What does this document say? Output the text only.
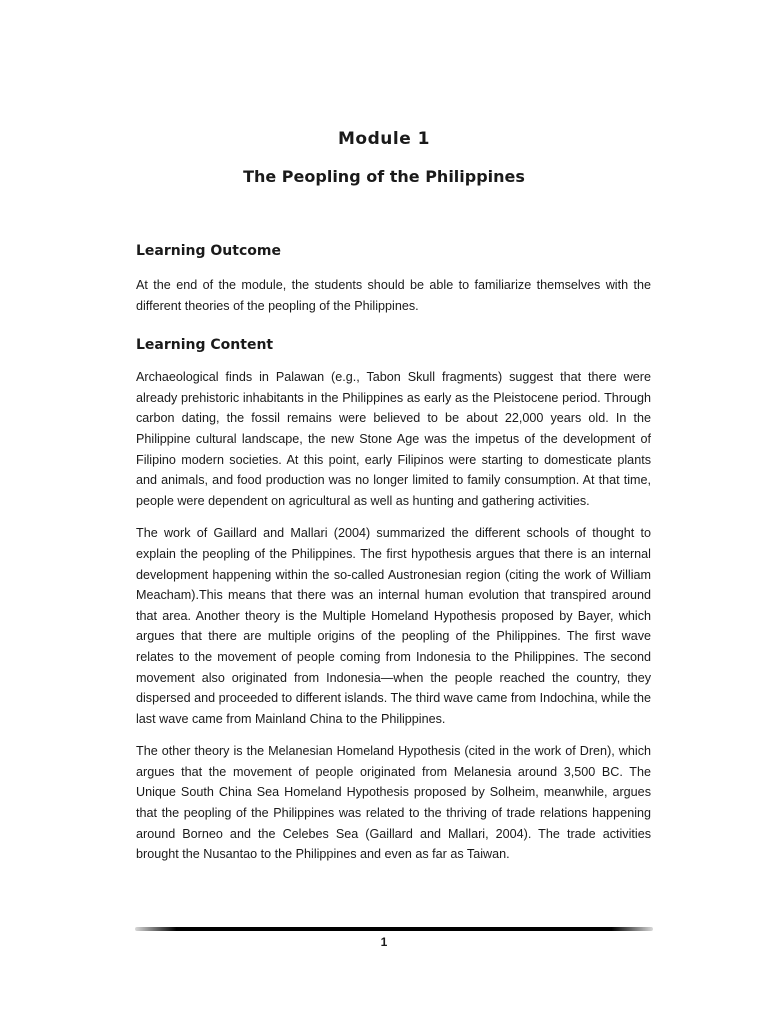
Module 1
The Peopling of the Philippines
Learning Outcome

At the end of the module, the students should be able to familiarize themselves with the different theories of the peopling of the Philippines.

Learning Content

Archaeological finds in Palawan (e.g., Tabon Skull fragments) suggest that there were already prehistoric inhabitants in the Philippines as early as the Pleistocene period. Through carbon dating, the fossil remains were believed to be about 22,000 years old. In the Philippine cultural landscape, the new Stone Age was the impetus of the development of Filipino modern societies. At this point, early Filipinos were starting to domesticate plants and animals, and food production was no longer limited to family consumption. At that time, people were dependent on agricultural as well as hunting and gathering activities.

The work of Gaillard and Mallari (2004) summarized the different schools of thought to explain the peopling of the Philippines. The first hypothesis argues that there is an internal development happening within the so-called Austronesian region (citing the work of William Meacham).This means that there was an internal human evolution that transpired around that area. Another theory is the Multiple Homeland Hypothesis proposed by Bayer, which argues that there are multiple origins of the peopling of the Philippines. The first wave relates to the movement of people coming from Indonesia to the Philippines. The second movement also originated from Indonesia—when the people reached the country, they dispersed and proceeded to different islands. The third wave came from Indochina, while the last wave came from Mainland China to the Philippines.

The other theory is the Melanesian Homeland Hypothesis (cited in the work of Dren), which argues that the movement of people originated from Melanesia around 3,500 BC. The Unique South China Sea Homeland Hypothesis proposed by Solheim, meanwhile, argues that the peopling of the Philippines was related to the thriving of trade relations happening around Borneo and the Celebes Sea (Gaillard and Mallari, 2004). The trade activities brought the Nusantao to the Philippines and even as far as Taiwan.

1
